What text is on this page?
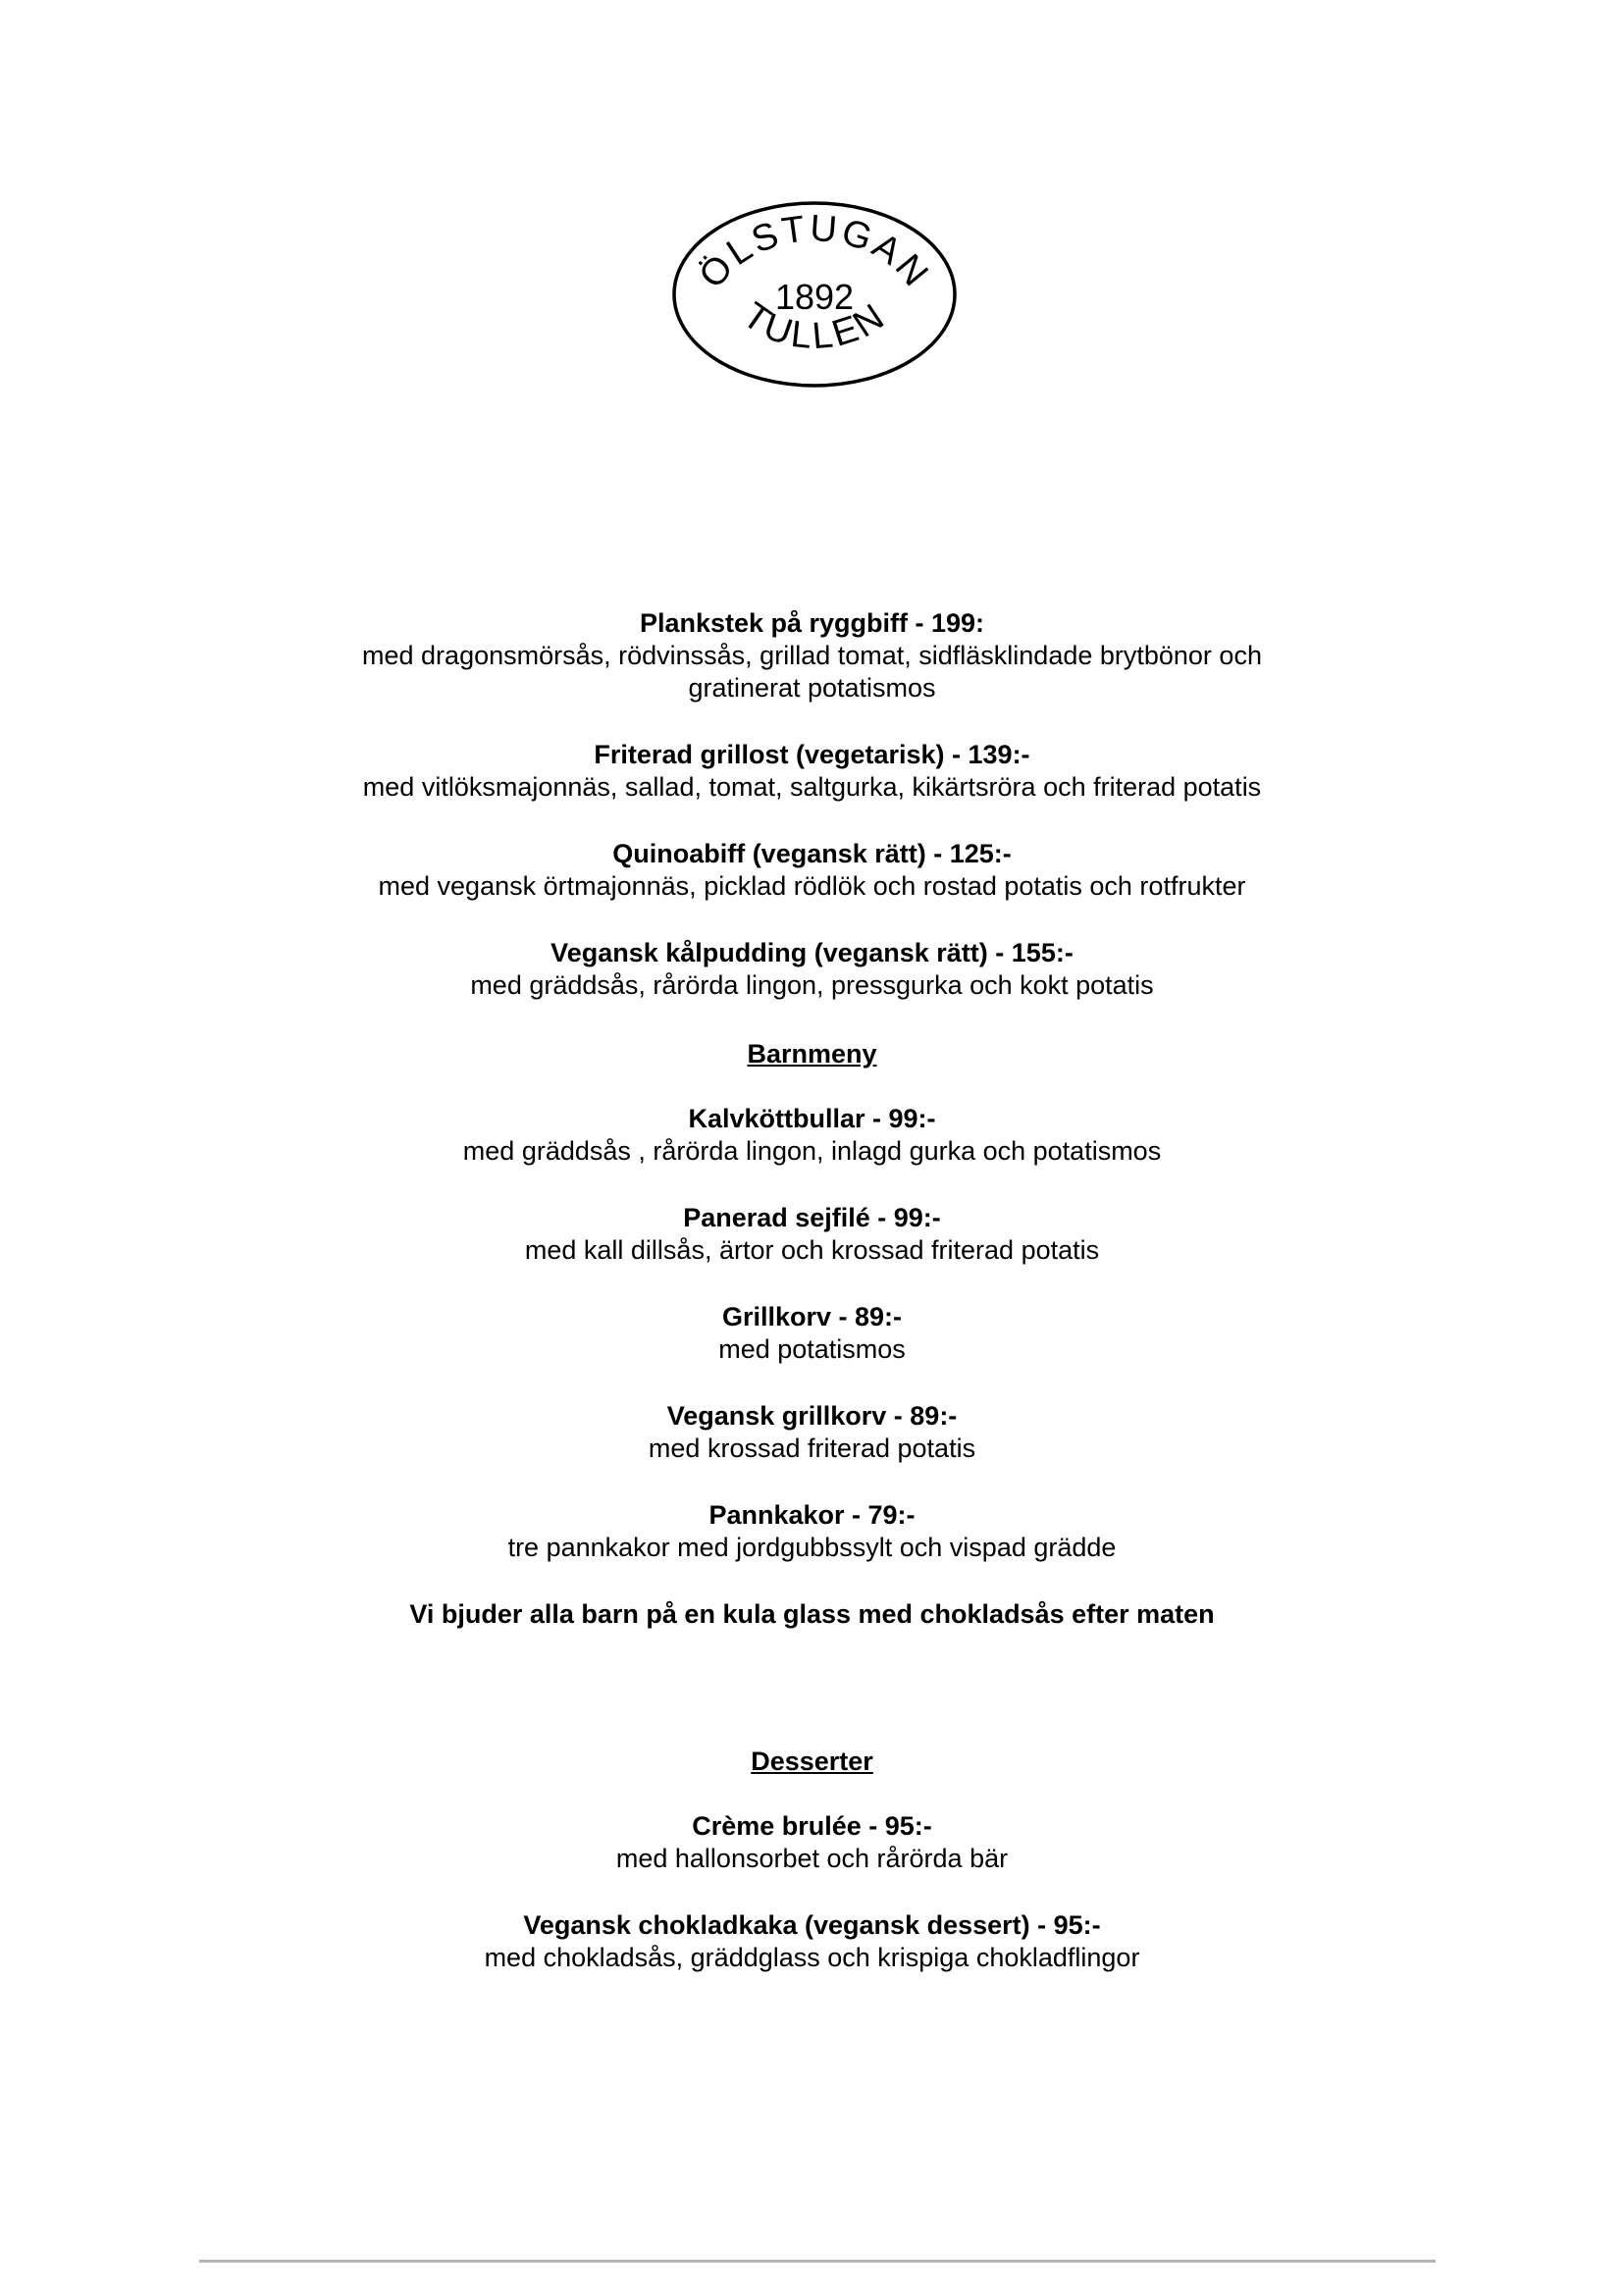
ÖLSTUGAN
1892
TULLEN
Plankstek på ryggbiff - 199:
med dragonsmörsås, rödvinssås, grillad tomat, sidfläsklindade brytbönor och gratinerat potatismos
Friterad grillost (vegetarisk) - 139:-
med vitlöksmajonnäs, sallad, tomat, saltgurka, kikärtsröra och friterad potatis
Quinoabiff (vegansk rätt) - 125:-
med vegansk örtmajonnäs, picklad rödlök och rostad potatis och rotfrukter
Vegansk kålpudding (vegansk rätt) - 155:-
med gräddsås, rårörda lingon, pressgurka och kokt potatis
Barnmeny
Kalvköttbullar - 99:-
med gräddsås , rårörda lingon, inlagd gurka och potatismos
Panerad sejfilé - 99:-
med kall dillsås, ärtor och krossad friterad potatis
Grillkorv - 89:-
med potatismos
Vegansk grillkorv - 89:-
med krossad friterad potatis
Pannkakor - 79:-
tre pannkakor med jordgubbssylt och vispad grädde
Vi bjuder alla barn på en kula glass med chokladsås efter maten
Desserter
Crème brulée - 95:-
med hallonsorbet och rårörda bär
Vegansk chokladkaka (vegansk dessert) - 95:-
med chokladsås, gräddglass och krispiga chokladflingor
